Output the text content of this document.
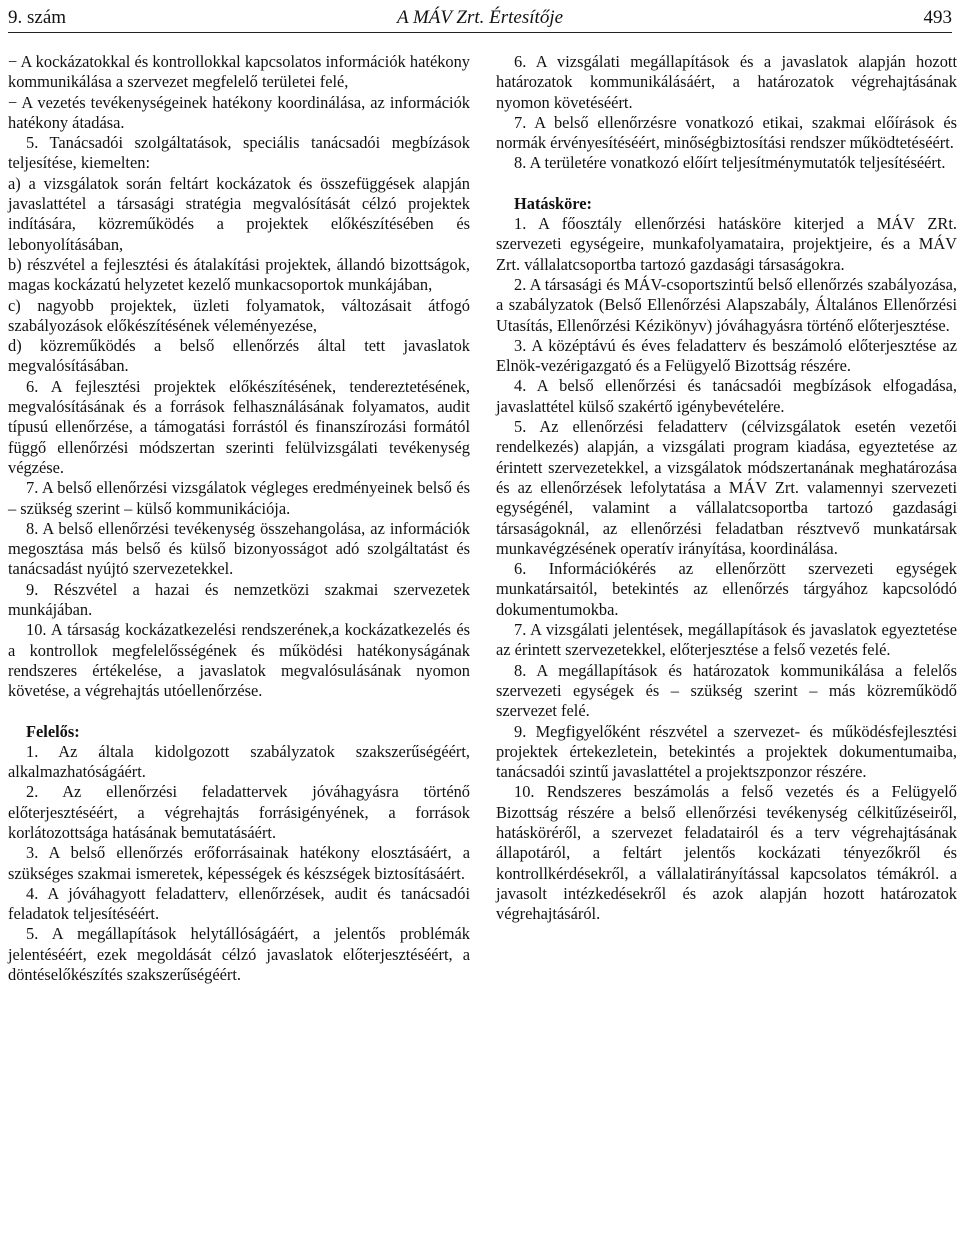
9. szám	A MÁV Zrt. Értesítője	493

− A kockázatokkal és kontrollokkal kapcsolatos információk hatékony kommunikálása a szervezet megfelelő területei felé,

− A vezetés tevékenységeinek hatékony koordinálása, az információk hatékony átadása.

5. Tanácsadói szolgáltatások, speciális tanácsadói megbízások teljesítése, kiemelten:

a) a vizsgálatok során feltárt kockázatok és összefüggések alapján javaslattétel a társasági stratégia megvalósítását célzó projektek indítására, közreműködés a projektek előkészítésében és lebonyolításában,

b) részvétel a fejlesztési és átalakítási projektek, állandó bizottságok, magas kockázatú helyzetet kezelő munkacsoportok munkájában,

c) nagyobb projektek, üzleti folyamatok, változásait átfogó szabályozások előkészítésének véleményezése,

d) közreműködés a belső ellenőrzés által tett javaslatok megvalósításában.

6. A fejlesztési projektek előkészítésének, tendereztetésének, megvalósításának és a források felhasználásának folyamatos, audit típusú ellenőrzése, a támogatási forrástól és finanszírozási formától függő ellenőrzési módszertan szerinti felülvizsgálati tevékenység végzése.

7. A belső ellenőrzési vizsgálatok végleges eredményeinek belső és – szükség szerint – külső kommunikációja.

8. A belső ellenőrzési tevékenység összehangolása, az információk megosztása más belső és külső bizonyosságot adó szolgáltatást és tanácsadást nyújtó szervezetekkel.

9. Részvétel a hazai és nemzetközi szakmai szervezetek munkájában.

10. A társaság kockázatkezelési rendszerének,a kockázatkezelés és a kontrollok megfelelősségének és működési hatékonyságának rendszeres értékelése, a javaslatok megvalósulásának nyomon követése, a végrehajtás utóellenőrzése.

Felelős:

1. Az általa kidolgozott szabályzatok szakszerűségéért, alkalmazhatóságáért.

2. Az ellenőrzési feladattervek jóváhagyásra történő előterjesztéséért, a végrehajtás forrásigényének, a források korlátozottsága hatásának bemutatásáért.

3. A belső ellenőrzés erőforrásainak hatékony elosztásáért, a szükséges szakmai ismeretek, képességek és készségek biztosításáért.

4. A jóváhagyott feladatterv, ellenőrzések, audit és tanácsadói feladatok teljesítéséért.

5. A megállapítások helytállóságáért, a jelentős problémák jelentéséért, ezek megoldását célzó javaslatok előterjesztéséért, a döntéselőkészítés szakszerűségéért.

6. A vizsgálati megállapítások és a javaslatok alapján hozott határozatok kommunikálásáért, a határozatok végrehajtásának nyomon követéséért.

7. A belső ellenőrzésre vonatkozó etikai, szakmai előírások és normák érvényesítéséért, minőségbiztosítási rendszer működtetéséért.

8. A területére vonatkozó előírt teljesítménymutatók teljesítéséért.

Hatásköre:

1. A főosztály ellenőrzési hatásköre kiterjed a MÁV ZRt. szervezeti egységeire, munkafolyamataira, projektjeire, és a MÁV Zrt. vállalatcsoportba tartozó gazdasági társaságokra.

2. A társasági és MÁV-csoportszintű belső ellenőrzés szabályozása, a szabályzatok (Belső Ellenőrzési Alapszabály, Általános Ellenőrzési Utasítás, Ellenőrzési Kézikönyv) jóváhagyásra történő előterjesztése.

3. A középtávú és éves feladatterv és beszámoló előterjesztése az Elnök-vezérigazgató és a Felügyelő Bizottság részére.

4. A belső ellenőrzési és tanácsadói megbízások elfogadása, javaslattétel külső szakértő igénybevételére.

5. Az ellenőrzési feladatterv (célvizsgálatok esetén vezetői rendelkezés) alapján, a vizsgálati program kiadása, egyeztetése az érintett szervezetekkel, a vizsgálatok módszertanának meghatározása és az ellenőrzések lefolytatása a MÁV Zrt. valamennyi szervezeti egységénél, valamint a vállalatcsoportba tartozó gazdasági társaságoknál, az ellenőrzési feladatban résztvevő munkatársak munkavégzésének operatív irányítása, koordinálása.

6. Információkérés az ellenőrzött szervezeti egységek munkatársaitól, betekintés az ellenőrzés tárgyához kapcsolódó dokumentumokba.

7. A vizsgálati jelentések, megállapítások és javaslatok egyeztetése az érintett szervezetekkel, előterjesztése a felső vezetés felé.

8. A megállapítások és határozatok kommunikálása a felelős szervezeti egységek és – szükség szerint – más közreműködő szervezet felé.

9. Megfigyelőként részvétel a szervezet- és működésfejlesztési projektek értekezletein, betekintés a projektek dokumentumaiba, tanácsadói szintű javaslattétel a projektszponzor részére.

10. Rendszeres beszámolás a felső vezetés és a Felügyelő Bizottság részére a belső ellenőrzési tevékenység célkitűzéseiről, hatásköréről, a szervezet feladatairól és a terv végrehajtásának állapotáról, a feltárt jelentős kockázati tényezőkről és kontrollkérdésekről, a vállalatirányítással kapcsolatos témákról. a javasolt intézkedésekről és azok alapján hozott határozatok végrehajtásáról.
